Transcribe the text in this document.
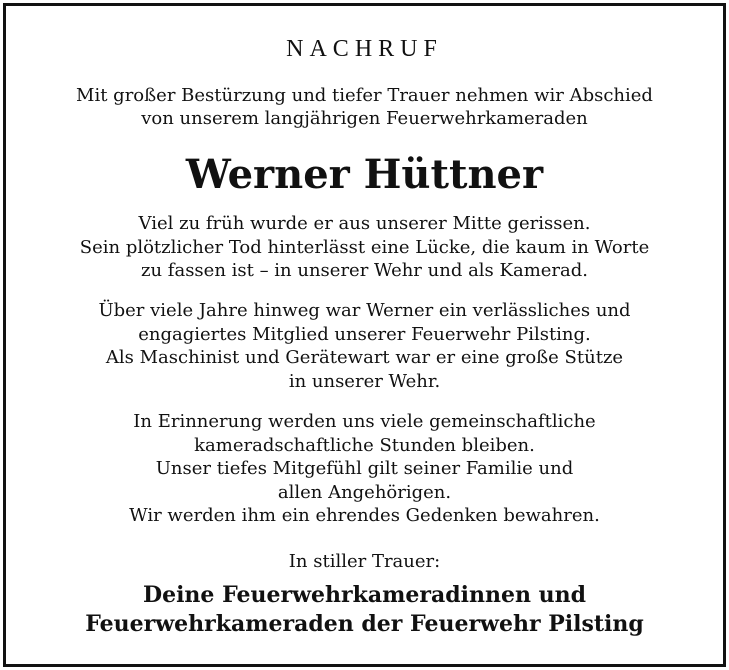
NACHRUF
Mit großer Bestürzung und tiefer Trauer nehmen wir Abschied
von unserem langjährigen Feuerwehrkameraden
Werner Hüttner
Viel zu früh wurde er aus unserer Mitte gerissen.
Sein plötzlicher Tod hinterlässt eine Lücke, die kaum in Worte
zu fassen ist – in unserer Wehr und als Kamerad.
Über viele Jahre hinweg war Werner ein verlässliches und
engagiertes Mitglied unserer Feuerwehr Pilsting.
Als Maschinist und Gerätewart war er eine große Stütze
in unserer Wehr.
In Erinnerung werden uns viele gemeinschaftliche
kameradschaftliche Stunden bleiben.
Unser tiefes Mitgefühl gilt seiner Familie und
allen Angehörigen.
Wir werden ihm ein ehrendes Gedenken bewahren.
In stiller Trauer:
Deine Feuerwehrkameradinnen und
Feuerwehrkameraden der Feuerwehr Pilsting
